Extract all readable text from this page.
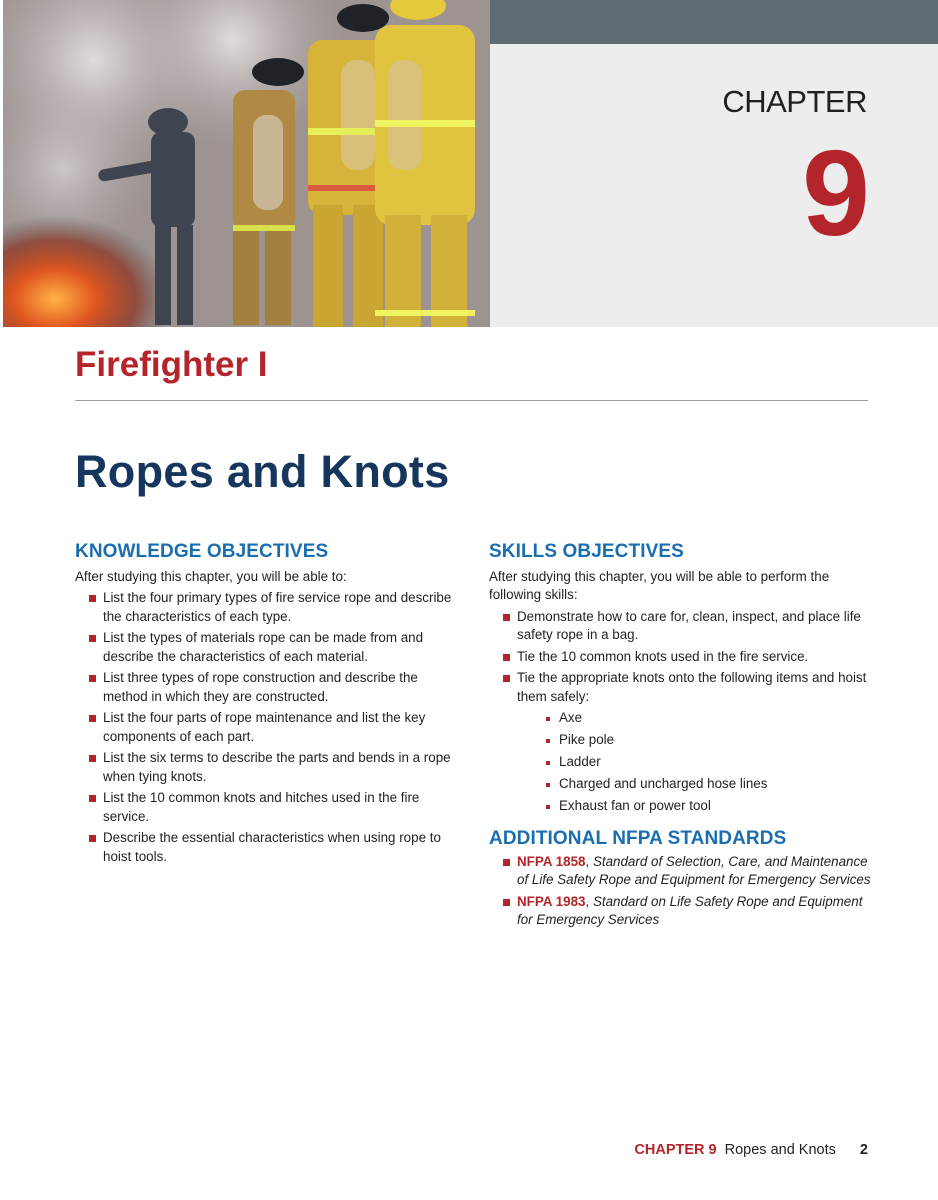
CHAPTER
9
Firefighter I
Ropes and Knots
KNOWLEDGE OBJECTIVES
After studying this chapter, you will be able to:
List the four primary types of fire service rope and describe the characteristics of each type.
List the types of materials rope can be made from and describe the characteristics of each material.
List three types of rope construction and describe the method in which they are constructed.
List the four parts of rope maintenance and list the key components of each part.
List the six terms to describe the parts and bends in a rope when tying knots.
List the 10 common knots and hitches used in the fire service.
Describe the essential characteristics when using rope to hoist tools.
SKILLS OBJECTIVES
After studying this chapter, you will be able to perform the following skills:
Demonstrate how to care for, clean, inspect, and place life safety rope in a bag.
Tie the 10 common knots used in the fire service.
Tie the appropriate knots onto the following items and hoist them safely:
Axe
Pike pole
Ladder
Charged and uncharged hose lines
Exhaust fan or power tool
ADDITIONAL NFPA STANDARDS
NFPA 1858, Standard of Selection, Care, and Maintenance of Life Safety Rope and Equipment for Emergency Services
NFPA 1983, Standard on Life Safety Rope and Equipment for Emergency Services
CHAPTER 9 Ropes and Knots 2
